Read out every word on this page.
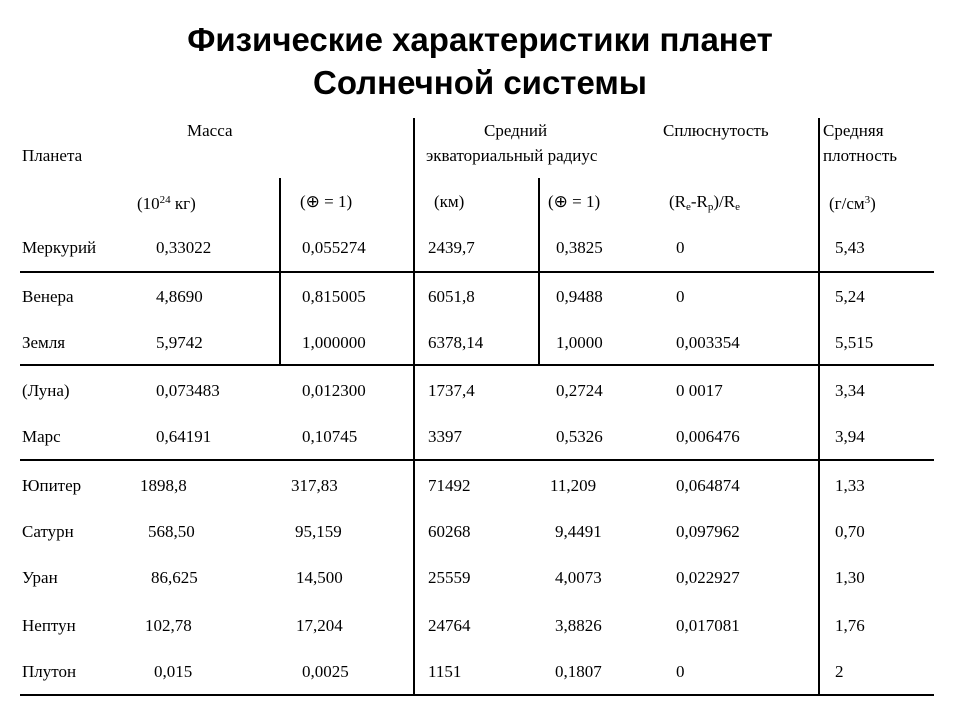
Физические характеристики планет
Солнечной системы
Планета
Масса
($10^{24}$ кг)	(⊕ = 1)
Средний
экваториальный радиус
(км)	(⊕ = 1)
Сплюснутость
$(R_e-R_p)/R_e$
Средняя
плотность
$(г/см^3)$
Меркурий	0,33022	0,055274	2439,7	0,3825	0	5,43
Венера	4,8690	0,815005	6051,8	0,9488	0	5,24
Земля	5,9742	1,000000	6378,14	1,0000	0,003354	5,515
(Луна)	0,073483	0,012300	1737,4	0,2724	0 0017	3,34
Марс	0,64191	0,10745	3397	0,5326	0,006476	3,94
Юпитер	1898,8	317,83	71492	11,209	0,064874	1,33
Сатурн	568,50	95,159	60268	9,4491	0,097962	0,70
Уран	86,625	14,500	25559	4,0073	0,022927	1,30
Нептун	102,78	17,204	24764	3,8826	0,017081	1,76
Плутон	0,015	0,0025	1151	0,1807	0	2
